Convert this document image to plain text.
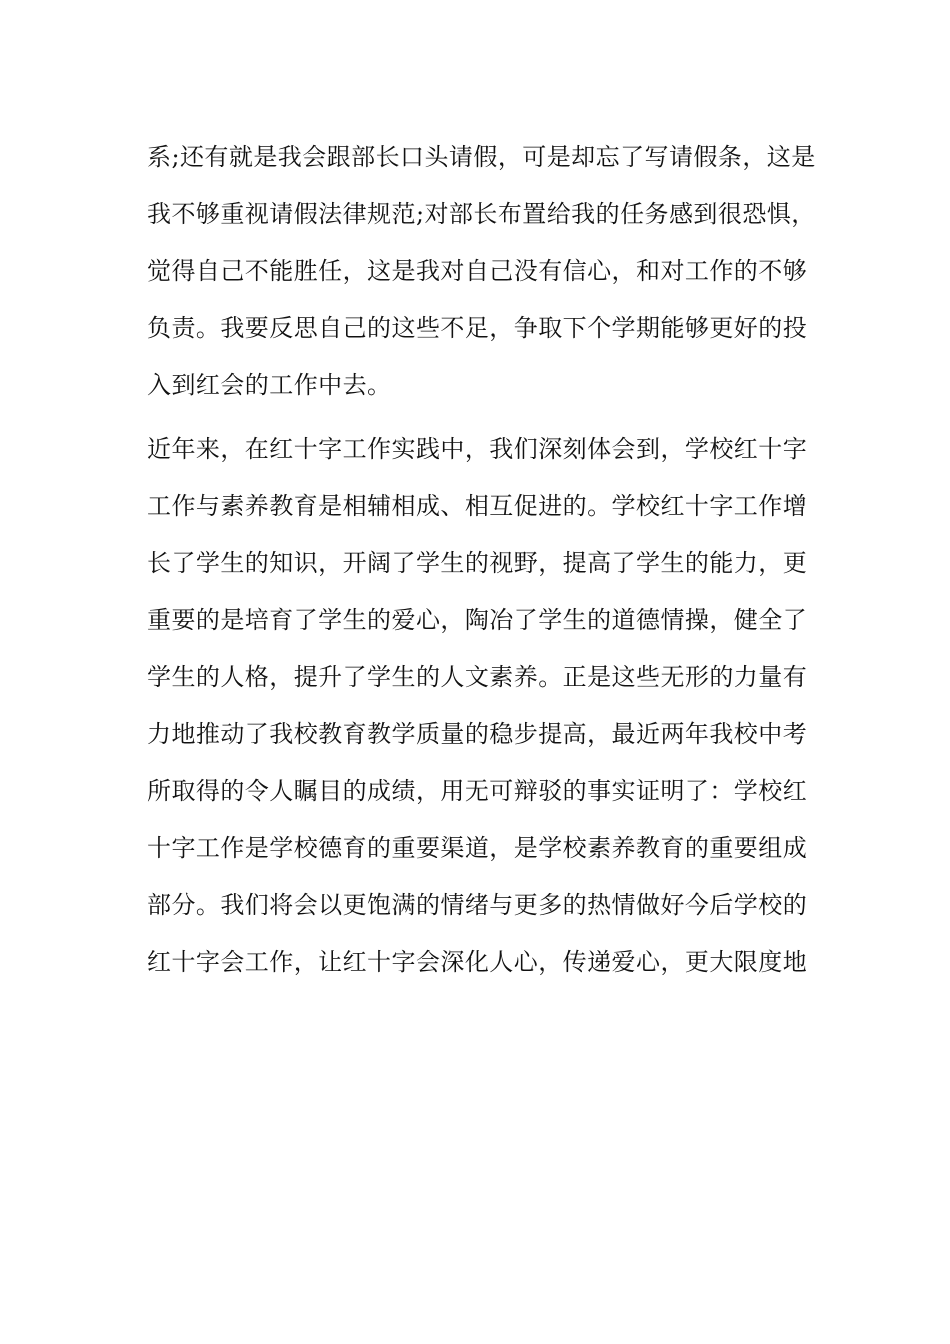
系;还有就是我会跟部长口头请假，可是却忘了写请假条，这是
我不够重视请假法律规范;对部长布置给我的任务感到很恐惧，
觉得自己不能胜任，这是我对自己没有信心，和对工作的不够
负责。我要反思自己的这些不足，争取下个学期能够更好的投
入到红会的工作中去。
近年来，在红十字工作实践中，我们深刻体会到，学校红十字
工作与素养教育是相辅相成、相互促进的。学校红十字工作增
长了学生的知识，开阔了学生的视野，提高了学生的能力，更
重要的是培育了学生的爱心，陶冶了学生的道德情操，健全了
学生的人格，提升了学生的人文素养。正是这些无形的力量有
力地推动了我校教育教学质量的稳步提高，最近两年我校中考
所取得的令人瞩目的成绩，用无可辩驳的事实证明了：学校红
十字工作是学校德育的重要渠道，是学校素养教育的重要组成
部分。我们将会以更饱满的情绪与更多的热情做好今后学校的
红十字会工作，让红十字会深化人心，传递爱心，更大限度地
